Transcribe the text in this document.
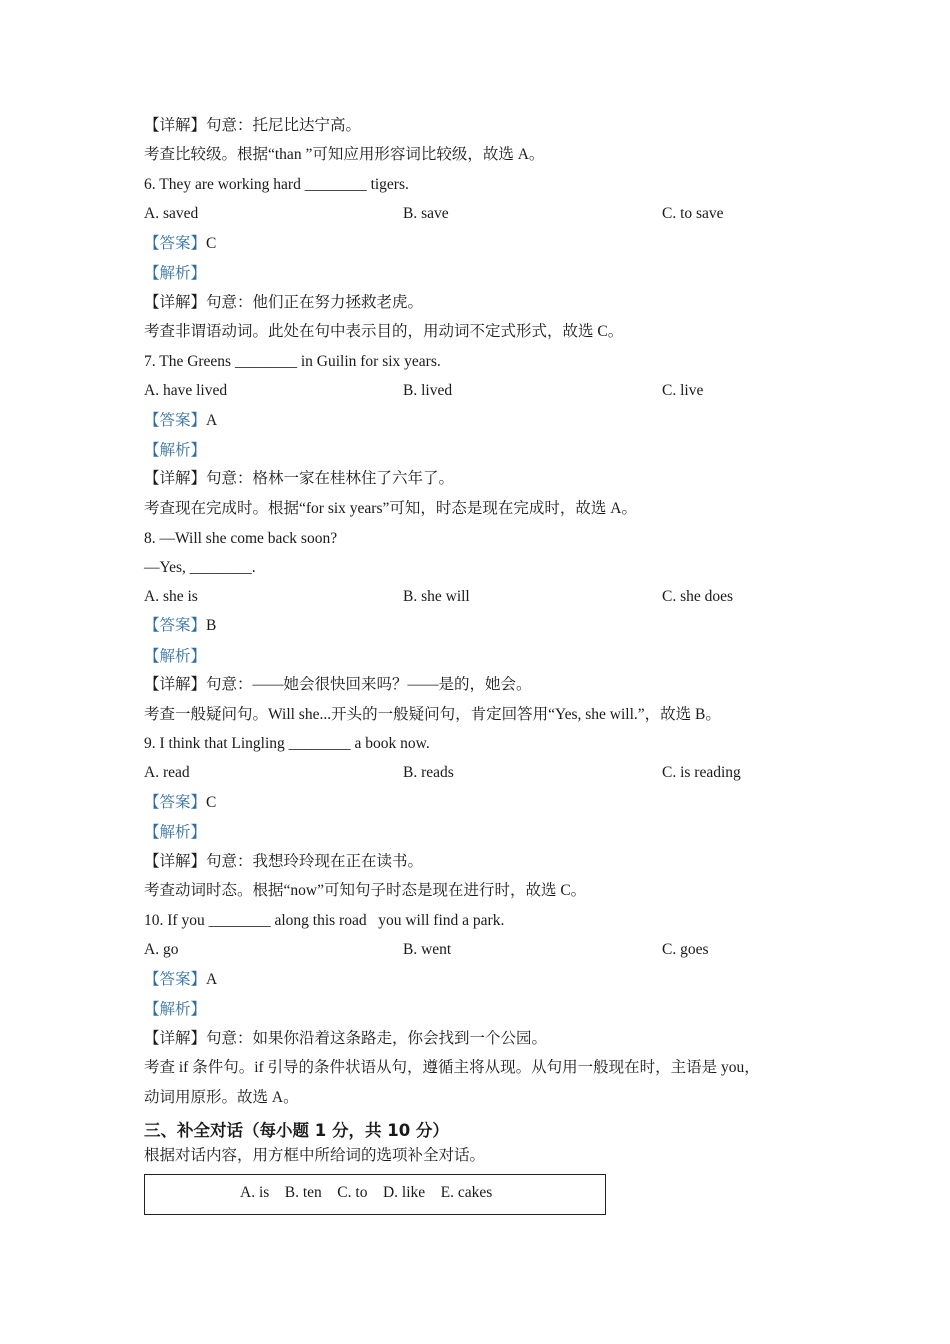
【详解】句意：托尼比达宁高。
考查比较级。根据“than ”可知应用形容词比较级，故选 A。
6. They are working hard ________ tigers.
A. saved	B. save	C. to save
【答案】C
【解析】
【详解】句意：他们正在努力拯救老虎。
考查非谓语动词。此处在句中表示目的，用动词不定式形式，故选 C。
7. The Greens ________ in Guilin for six years.
A. have lived	B. lived	C. live
【答案】A
【解析】
【详解】句意：格林一家在桂林住了六年了。
考查现在完成时。根据“for six years”可知，时态是现在完成时，故选 A。
8. —Will she come back soon?
—Yes, ________.
A. she is	B. she will	C. she does
【答案】B
【解析】
【详解】句意：——她会很快回来吗？——是的，她会。
考查一般疑问句。Will she...开头的一般疑问句，肯定回答用“Yes, she will.”，故选 B。
9. I think that Lingling ________ a book now.
A. read	B. reads	C. is reading
【答案】C
【解析】
【详解】句意：我想玲玲现在正在读书。
考查动词时态。根据“now”可知句子时态是现在进行时，故选 C。
10. If you ________ along this road   you will find a park.
A. go	B. went	C. goes
【答案】A
【解析】
【详解】句意：如果你沿着这条路走，你会找到一个公园。
考查 if 条件句。if 引导的条件状语从句，遵循主将从现。从句用一般现在时，主语是 you，
动词用原形。故选 A。
三、补全对话（每小题 1 分，共 10 分）
根据对话内容，用方框中所给词的选项补全对话。
A. is    B. ten    C. to    D. like    E. cakes
